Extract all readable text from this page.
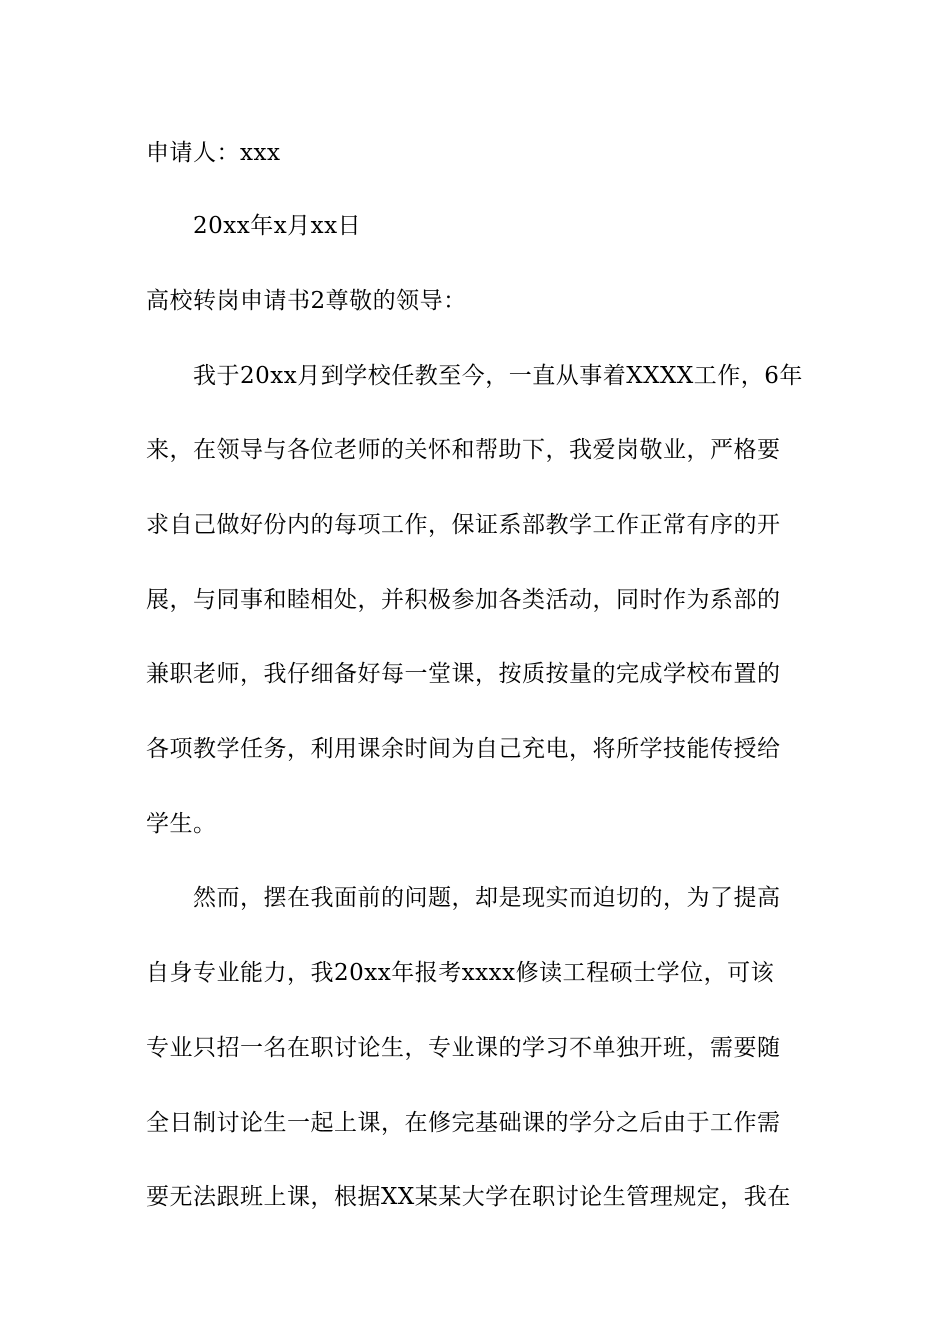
申请人：xxx
20xx年x月xx日
高校转岗申请书2尊敬的领导：
我于20xx月到学校任教至今，一直从事着XXXX工作，6年
来，在领导与各位老师的关怀和帮助下，我爱岗敬业，严格要
求自己做好份内的每项工作，保证系部教学工作正常有序的开
展，与同事和睦相处，并积极参加各类活动，同时作为系部的
兼职老师，我仔细备好每一堂课，按质按量的完成学校布置的
各项教学任务，利用课余时间为自己充电，将所学技能传授给
学生。
然而，摆在我面前的问题，却是现实而迫切的，为了提高
自身专业能力，我20xx年报考xxxx修读工程硕士学位，可该
专业只招一名在职讨论生，专业课的学习不单独开班，需要随
全日制讨论生一起上课，在修完基础课的学分之后由于工作需
要无法跟班上课，根据XX某某大学在职讨论生管理规定，我在
